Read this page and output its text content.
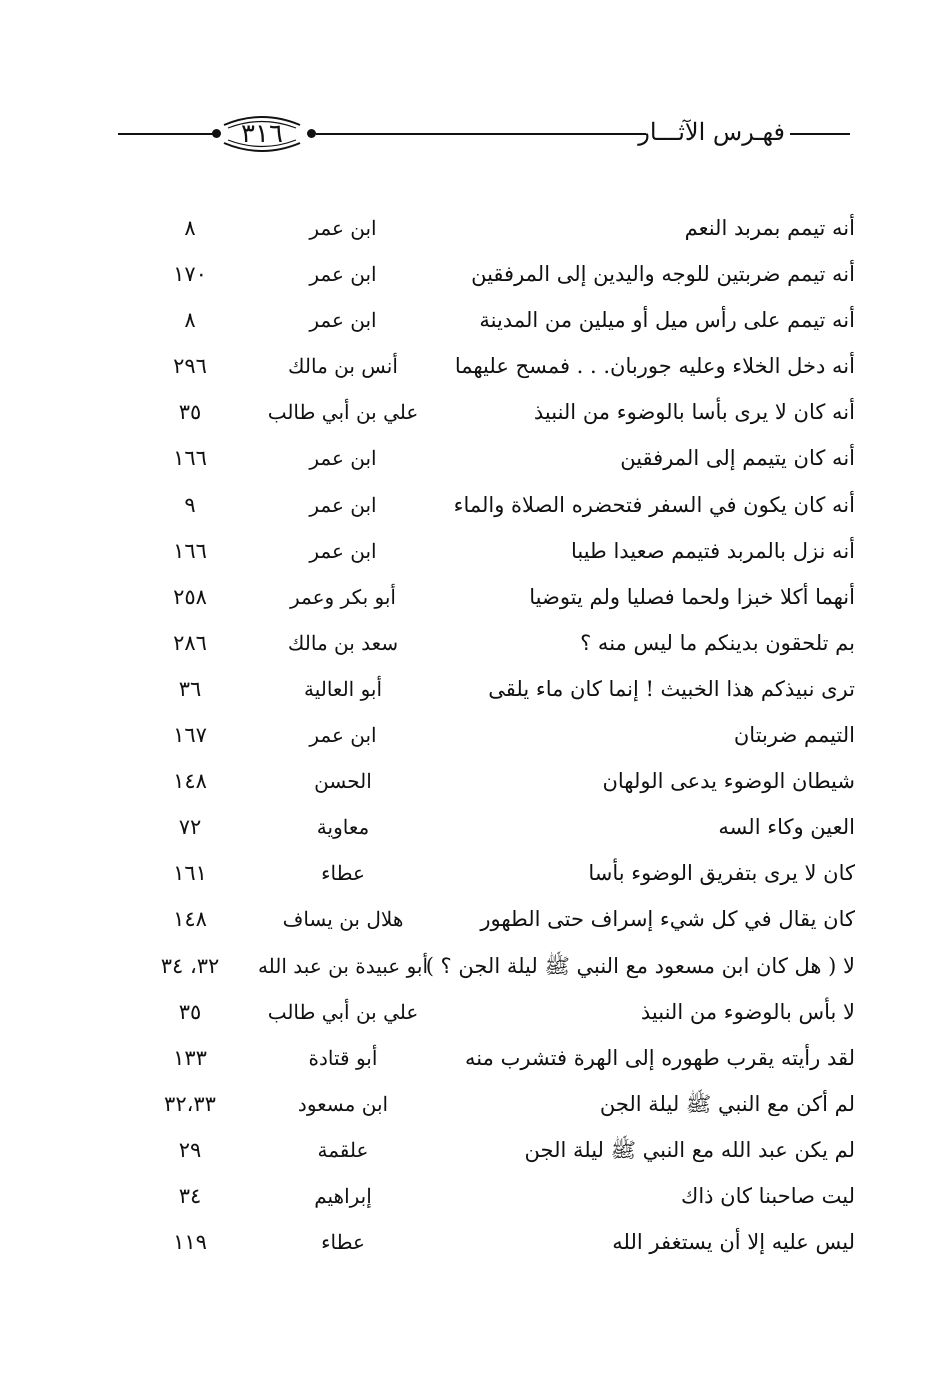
٣١٦	فهـرس الآثـــار
أنه تيمم بمربد النعم
ابن عمر
٨
أنه تيمم ضربتين للوجه واليدين إلى المرفقين
ابن عمر
١٧٠
أنه تيمم على رأس ميل أو ميلين من المدينة
ابن عمر
٨
أنه دخل الخلاء وعليه جوربان. . . فمسح عليهما
أنس بن مالك
٢٩٦
أنه كان لا يرى بأسا بالوضوء من النبيذ
علي بن أبي طالب
٣٥
أنه كان يتيمم إلى المرفقين
ابن عمر
١٦٦
أنه كان يكون في السفر فتحضره الصلاة والماء
ابن عمر
٩
أنه نزل بالمربد فتيمم صعيدا طيبا
ابن عمر
١٦٦
أنهما أكلا خبزا ولحما فصليا ولم يتوضيا
أبو بكر وعمر
٢٥٨
بم تلحقون بدينكم ما ليس منه ؟
سعد بن مالك
٢٨٦
ترى نبيذكم هذا الخبيث ! إنما كان ماء يلقى
أبو العالية
٣٦
التيمم ضربتان
ابن عمر
١٦٧
شيطان الوضوء يدعى الولهان
الحسن
١٤٨
العين وكاء السه
معاوية
٧٢
كان لا يرى بتفريق الوضوء بأسا
عطاء
١٦١
كان يقال في كل شيء إسراف حتى الطهور
هلال بن يساف
١٤٨
لا ( هل كان ابن مسعود مع النبي ﷺ ليلة الجن ؟ )
أبو عبيدة بن عبد الله
٣٢، ٣٤
لا بأس بالوضوء من النبيذ
علي بن أبي طالب
٣٥
لقد رأيته يقرب طهوره إلى الهرة فتشرب منه
أبو قتادة
١٣٣
لم أكن مع النبي ﷺ ليلة الجن
ابن مسعود
٣٢،٣٣
لم يكن عبد الله مع النبي ﷺ ليلة الجن
علقمة
٢٩
ليت صاحبنا كان ذاك
إبراهيم
٣٤
ليس عليه إلا أن يستغفر الله
عطاء
١١٩
